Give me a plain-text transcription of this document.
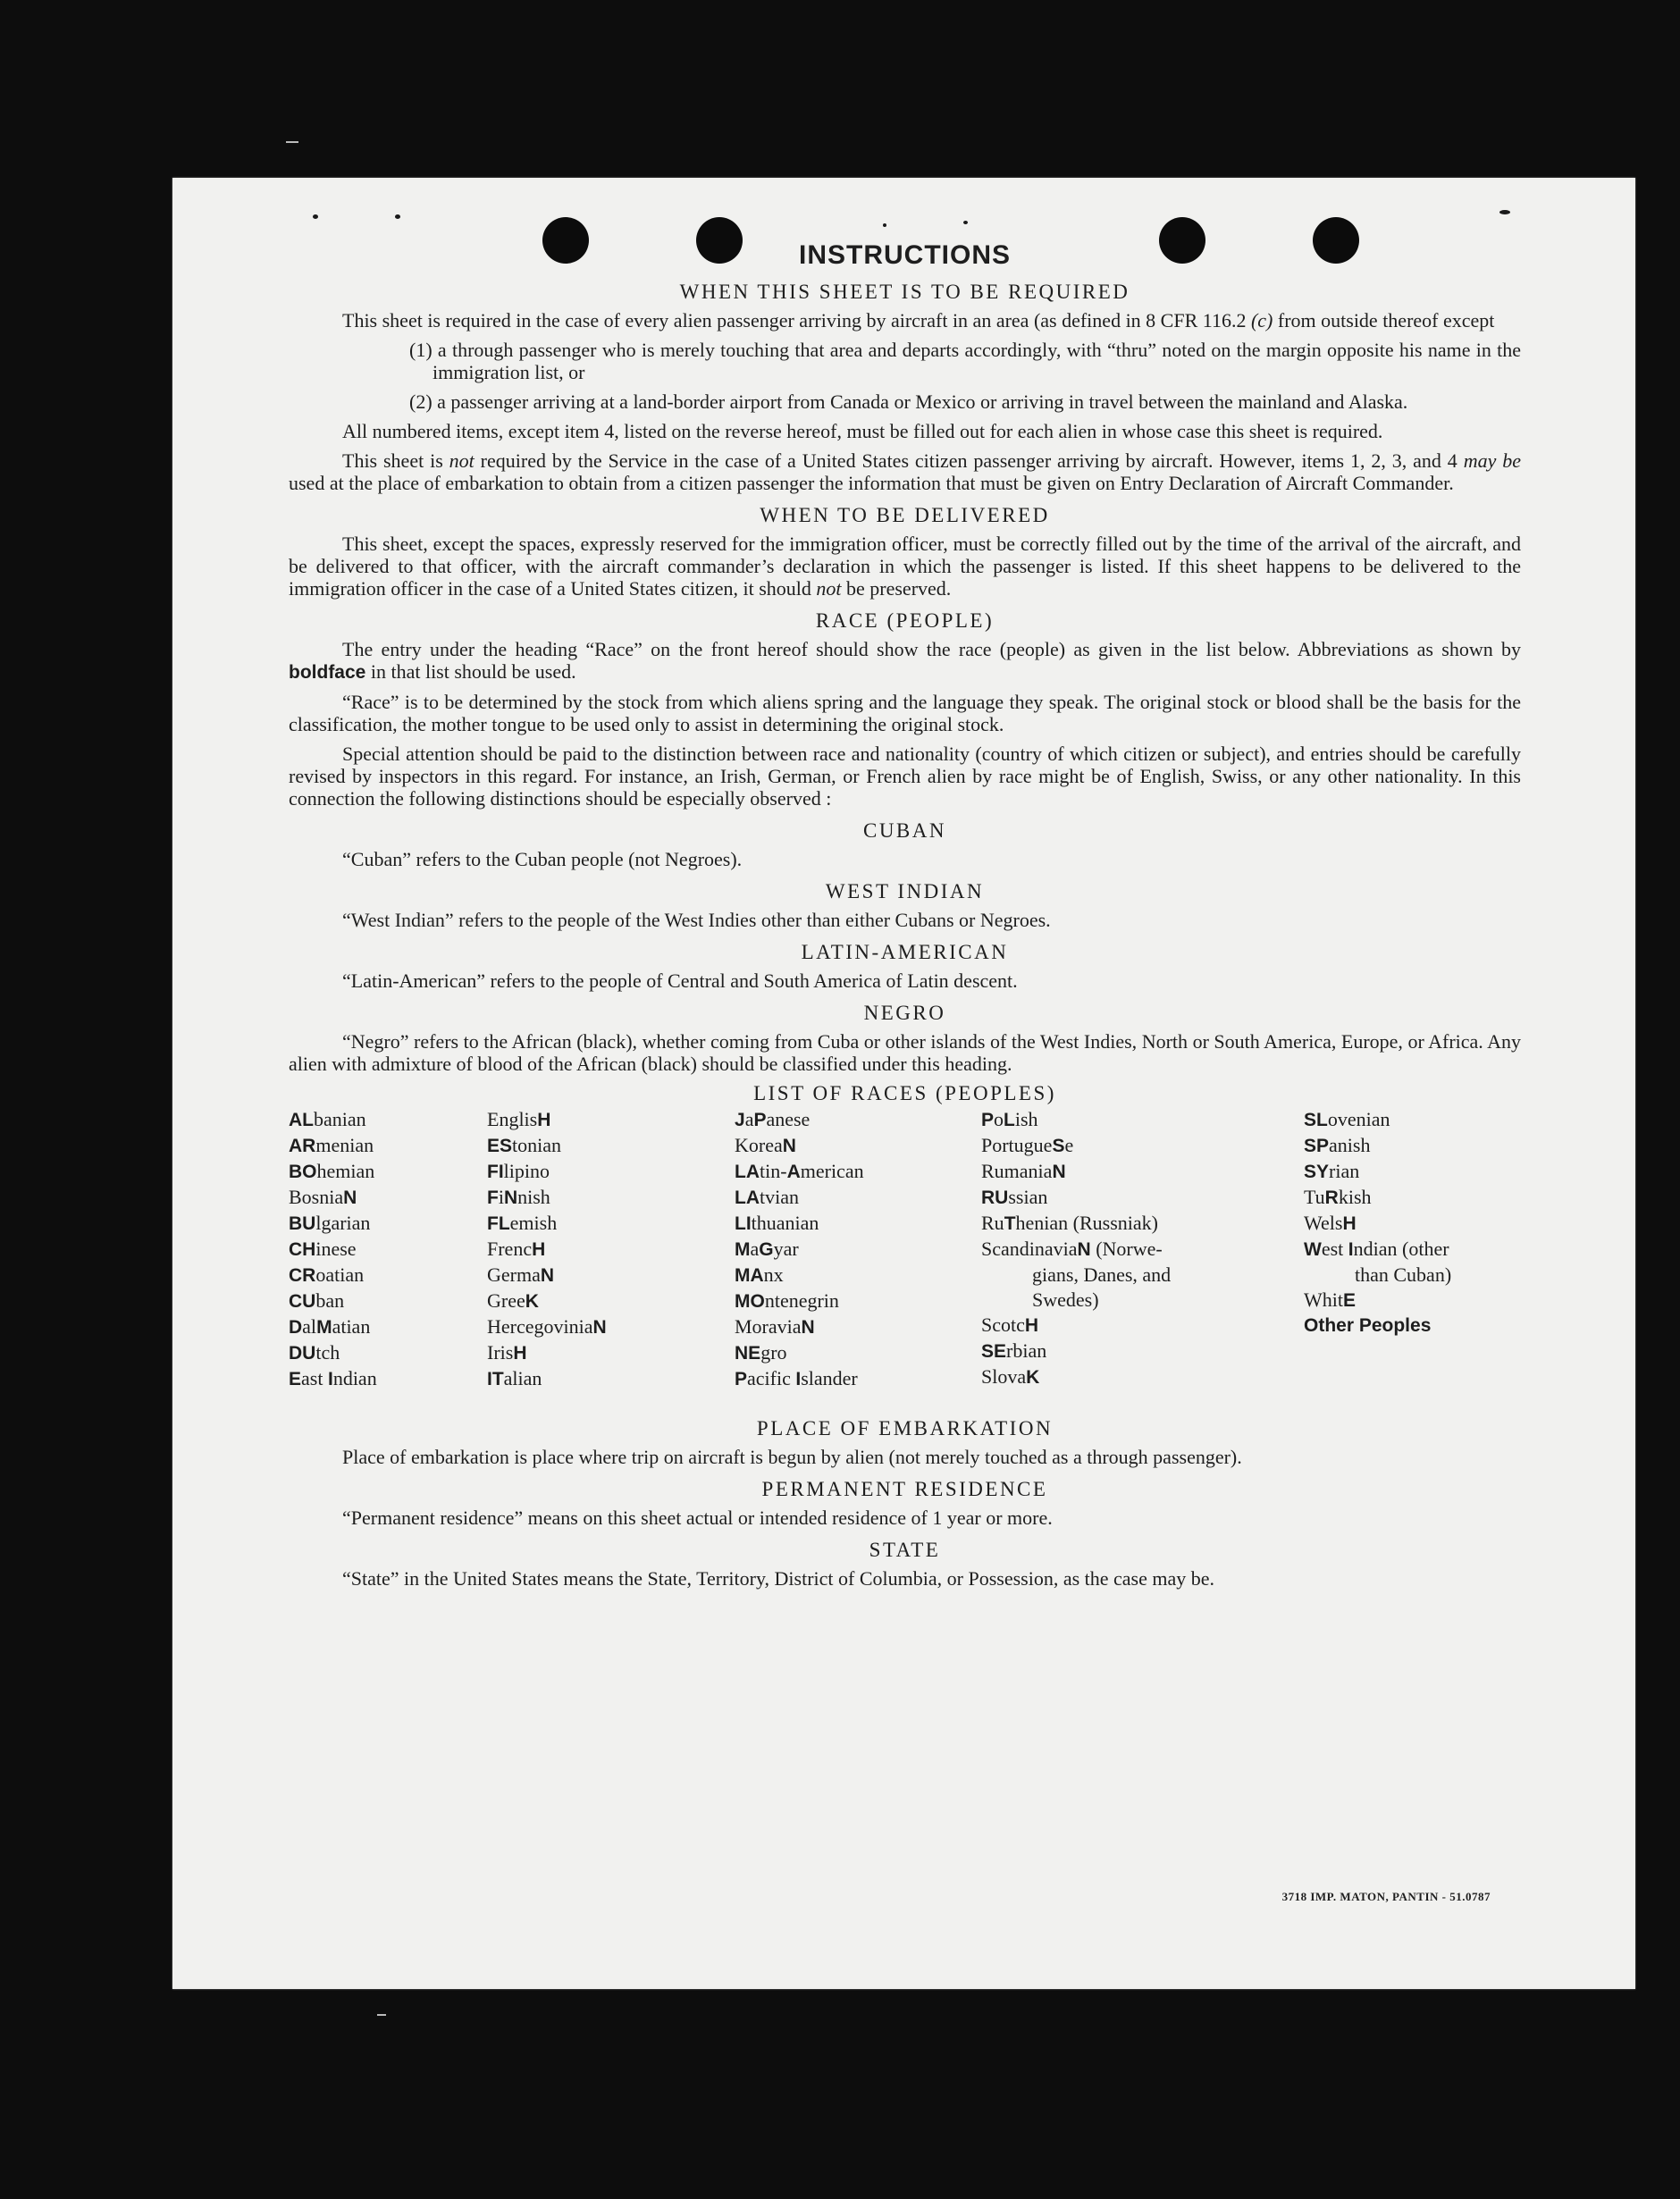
INSTRUCTIONS
WHEN THIS SHEET IS TO BE REQUIRED

This sheet is required in the case of every alien passenger arriving by aircraft in an area (as defined in 8 CFR 116.2 (c) from outside thereof except

(1) a through passenger who is merely touching that area and departs accordingly, with “thru” noted on the margin opposite his name in the immigration list, or

(2) a passenger arriving at a land-border airport from Canada or Mexico or arriving in travel between the mainland and Alaska.

All numbered items, except item 4, listed on the reverse hereof, must be filled out for each alien in whose case this sheet is required.

This sheet is not required by the Service in the case of a United States citizen passenger arriving by aircraft. However, items 1, 2, 3, and 4 may be used at the place of embarkation to obtain from a citizen passenger the information that must be given on Entry Declaration of Aircraft Commander.

WHEN TO BE DELIVERED

This sheet, except the spaces, expressly reserved for the immigration officer, must be correctly filled out by the time of the arrival of the aircraft, and be delivered to that officer, with the aircraft commander’s declaration in which the passenger is listed. If this sheet happens to be delivered to the immigration officer in the case of a United States citizen, it should not be preserved.

RACE (PEOPLE)

The entry under the heading “Race” on the front hereof should show the race (people) as given in the list below. Abbreviations as shown by boldface in that list should be used.

“Race” is to be determined by the stock from which aliens spring and the language they speak. The original stock or blood shall be the basis for the classification, the mother tongue to be used only to assist in determining the original stock.

Special attention should be paid to the distinction between race and nationality (country of which citizen or subject), and entries should be carefully revised by inspectors in this regard. For instance, an Irish, German, or French alien by race might be of English, Swiss, or any other nationality. In this connection the following distinctions should be especially observed :

CUBAN

“Cuban” refers to the Cuban people (not Negroes).

WEST INDIAN

“West Indian” refers to the people of the West Indies other than either Cubans or Negroes.

LATIN-AMERICAN

“Latin-American” refers to the people of Central and South America of Latin descent.

NEGRO

“Negro” refers to the African (black), whether coming from Cuba or other islands of the West Indies, North or South America, Europe, or Africa. Any alien with admixture of blood of the African (black) should be classified under this heading.

LIST OF RACES (PEOPLES)
ALbanian
ARmenian
BOhemian
BosniaN
BUlgarian
CHinese
CRoatian
CUban
DalMatian
DUtch
East Indian
EnglisH
EStonian
FIlipino
FiNnish
FLemish
FrencH
GermaN
GreeK
HercegoviniaN
IrisH
ITalian
JaPanese
KoreaN
LAtin-American
LAtvian
LIthuanian
MaGyar
MAnx
MOntenegrin
MoraviaN
NEgro
Pacific Islander
PoLish
PortugueSe
RumaniaN
RUssian
RuThenian (Russniak)
ScandinaviaN (Norwe-
gians, Danes, and
Swedes)
ScotcH
SErbian
SlovaK
SLovenian
SPanish
SYrian
TuRkish
WelsH
West Indian (other
than Cuban)
WhitE
Other Peoples
PLACE OF EMBARKATION

Place of embarkation is place where trip on aircraft is begun by alien (not merely touched as a through passenger).

PERMANENT RESIDENCE

“Permanent residence” means on this sheet actual or intended residence of 1 year or more.

STATE

“State” in the United States means the State, Territory, District of Columbia, or Possession, as the case may be.

3718 IMP. MATON, PANTIN - 51.0787
